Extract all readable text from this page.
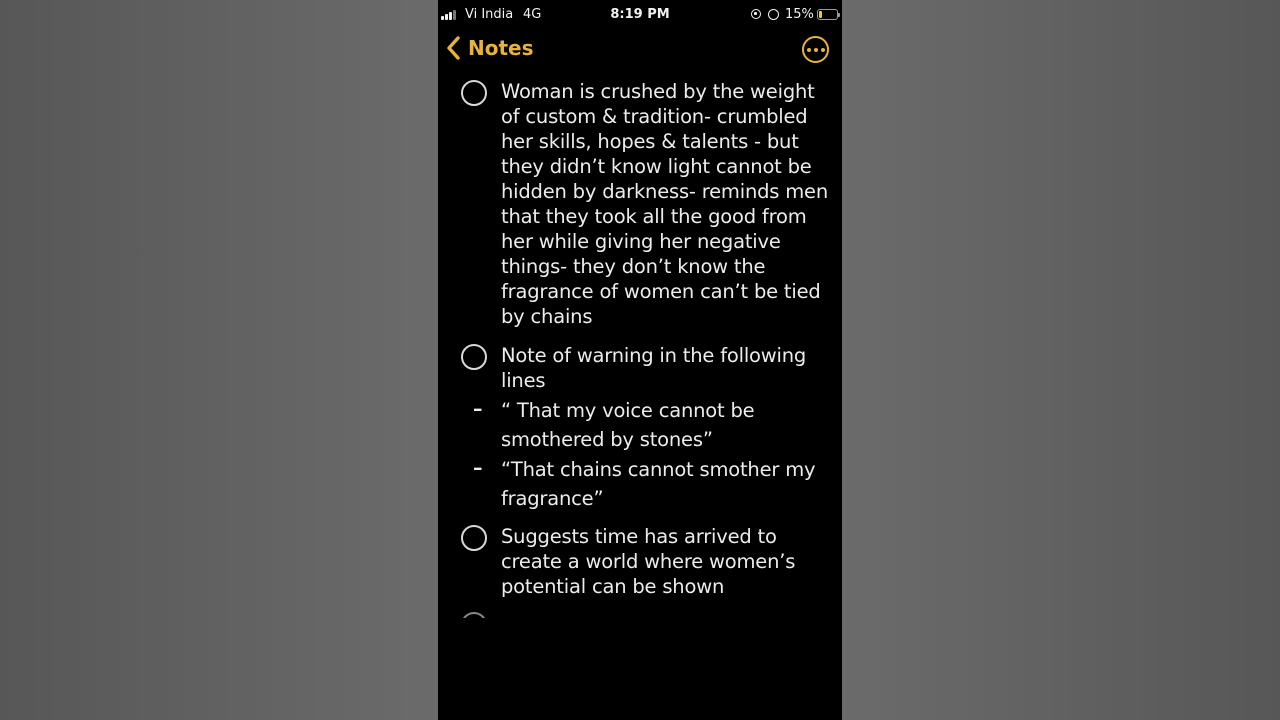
Vi India 4G	8:19 PM	15%
Notes
Woman is crushed by the weight of custom & tradition- crumbled her skills, hopes & talents - but they didn’t know light cannot be hidden by darkness- reminds men that they took all the good from her while giving her negative things- they don’t know the fragrance of women can’t be tied by chains
Note of warning in the following lines
– “ That my voice cannot be smothered by stones”
– “That chains cannot smother my fragrance”
Suggests time has arrived to create a world where women’s potential can be shown
